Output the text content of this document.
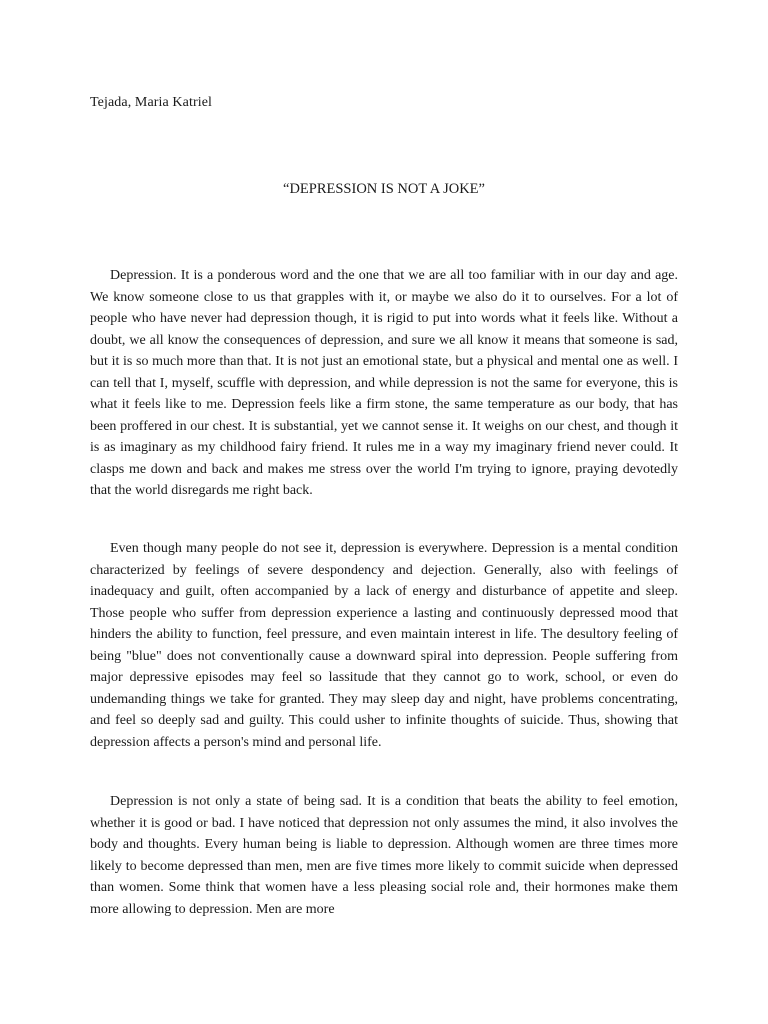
Tejada, Maria Katriel
“DEPRESSION IS NOT A JOKE”

Depression. It is a ponderous word and the one that we are all too familiar with in our day and age. We know someone close to us that grapples with it, or maybe we also do it to ourselves. For a lot of people who have never had depression though, it is rigid to put into words what it feels like. Without a doubt, we all know the consequences of depression, and sure we all know it means that someone is sad, but it is so much more than that. It is not just an emotional state, but a physical and mental one as well. I can tell that I, myself, scuffle with depression, and while depression is not the same for everyone, this is what it feels like to me. Depression feels like a firm stone, the same temperature as our body, that has been proffered in our chest. It is substantial, yet we cannot sense it. It weighs on our chest, and though it is as imaginary as my childhood fairy friend. It rules me in a way my imaginary friend never could. It clasps me down and back and makes me stress over the world I'm trying to ignore, praying devotedly that the world disregards me right back.

Even though many people do not see it, depression is everywhere. Depression is a mental condition characterized by feelings of severe despondency and dejection. Generally, also with feelings of inadequacy and guilt, often accompanied by a lack of energy and disturbance of appetite and sleep. Those people who suffer from depression experience a lasting and continuously depressed mood that hinders the ability to function, feel pressure, and even maintain interest in life. The desultory feeling of being "blue" does not conventionally cause a downward spiral into depression. People suffering from major depressive episodes may feel so lassitude that they cannot go to work, school, or even do undemanding things we take for granted. They may sleep day and night, have problems concentrating, and feel so deeply sad and guilty. This could usher to infinite thoughts of suicide. Thus, showing that depression affects a person's mind and personal life.

Depression is not only a state of being sad. It is a condition that beats the ability to feel emotion, whether it is good or bad. I have noticed that depression not only assumes the mind, it also involves the body and thoughts. Every human being is liable to depression. Although women are three times more likely to become depressed than men, men are five times more likely to commit suicide when depressed than women. Some think that women have a less pleasing social role and, their hormones make them more allowing to depression. Men are more
